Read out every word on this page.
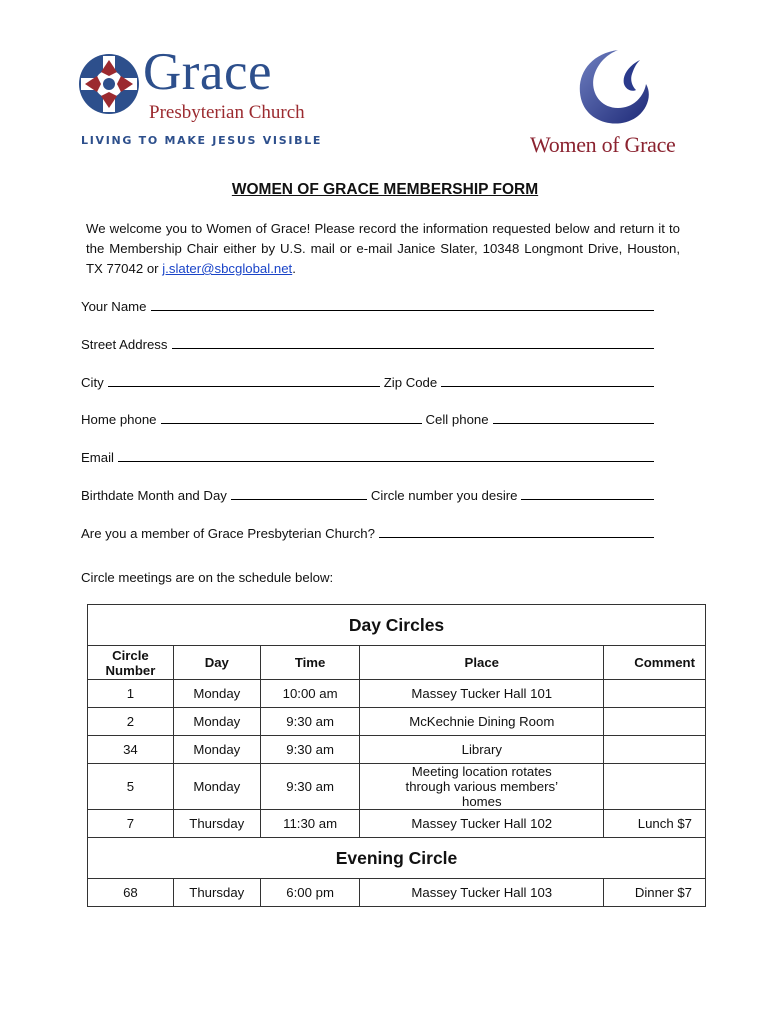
Grace
Presbyterian Church
LIVING TO MAKE JESUS VISIBLE	Women of Grace
WOMEN OF GRACE MEMBERSHIP FORM
We welcome you to Women of Grace! Please record the information requested below and return it to the Membership Chair either by U.S. mail or e-mail Janice Slater, 10348 Longmont Drive, Houston, TX 77042 or j.slater@sbcglobal.net.
Your Name
Street Address
City	Zip Code
Home phone	Cell phone
Email
Birthdate Month and Day	Circle number you desire
Are you a member of Grace Presbyterian Church?
Circle meetings are on the schedule below:
Day Circles				
Circle Number	Day	Time	Place	Comment
1	Monday	10:00 am	Massey Tucker Hall 101	
2	Monday	9:30 am	McKechnie Dining Room	
34	Monday	9:30 am	Library	
5	Monday	9:30 am	Meeting location rotates through various members’ homes	
7	Thursday	11:30 am	Massey Tucker Hall 102	Lunch $7
Evening Circle				
68	Thursday	6:00 pm	Massey Tucker Hall 103	Dinner $7
